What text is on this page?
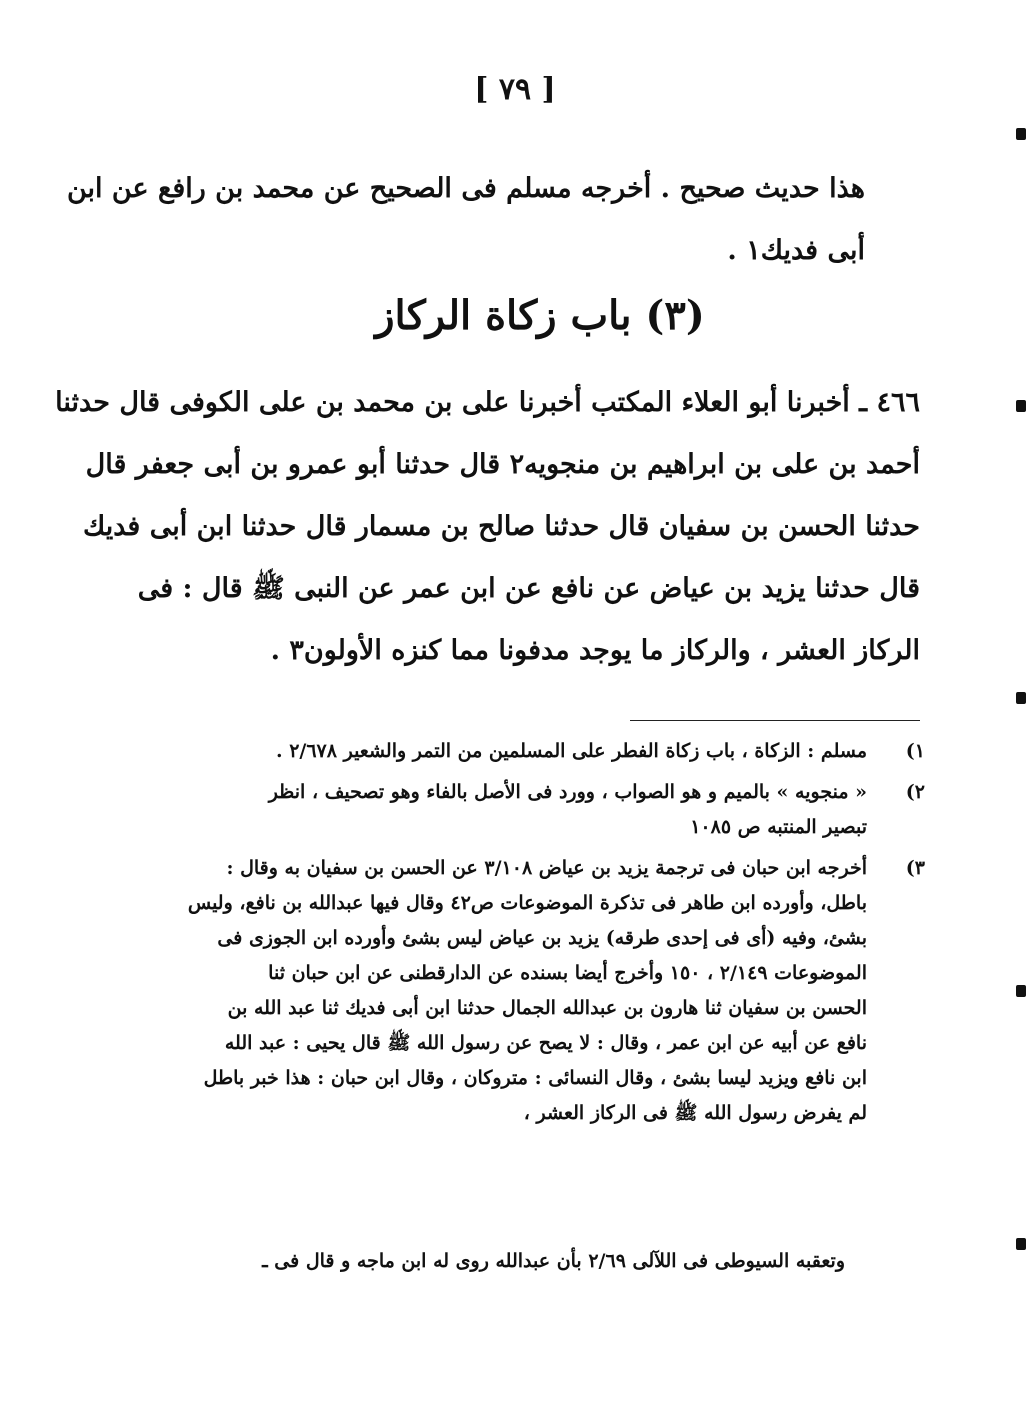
[ ٧٩ ]
هذا حديث صحيح . أخرجه مسلم فى الصحيح عن محمد بن رافع عن ابن
أبى فديك١ .
(٣) باب زكاة الركاز
٤٦٦ ـ أخبرنا أبو العلاء المكتب أخبرنا على بن محمد بن على الكوفى قال حدثنا
أحمد بن على بن ابراهيم بن منجويه٢ قال حدثنا أبو عمرو بن أبى جعفر قال
حدثنا الحسن بن سفيان قال حدثنا صالح بن مسمار قال حدثنا ابن أبى فديك
قال حدثنا يزيد بن عياض عن نافع عن ابن عمر عن النبى ﷺ قال : فى
الركاز العشر ، والركاز ما يوجد مدفونا مما كنزه الأولون٣ .
١)
مسلم : الزكاة ، باب زكاة الفطر على المسلمين من التمر والشعير ٢/٦٧٨ .
٢)
« منجويه » بالميم و هو الصواب ، وورد فى الأصل بالفاء وهو تصحيف ، انظر
تبصير المنتبه ص ١٠٨٥
٣)
أخرجه ابن حبان فى ترجمة يزيد بن عياض ٣/١٠٨ عن الحسن بن سفيان به وقال :
باطل، وأورده ابن طاهر فى تذكرة الموضوعات ص٤٢ وقال فيها عبدالله بن نافع، وليس
بشئ، وفيه (أى فى إحدى طرقه) يزيد بن عياض ليس بشئ وأورده ابن الجوزى فى
الموضوعات ٢/١٤٩ ، ١٥٠ وأخرج أيضا بسنده عن الدارقطنى عن ابن حبان ثنا
الحسن بن سفيان ثنا هارون بن عبدالله الجمال حدثنا ابن أبى فديك ثنا عبد الله بن
نافع عن أبيه عن ابن عمر ، وقال : لا يصح عن رسول الله ﷺ قال يحيى : عبد الله
ابن نافع ويزيد ليسا بشئ ، وقال النسائى : متروكان ، وقال ابن حبان : هذا خبر باطل
لم يفرض رسول الله ﷺ فى الركاز العشر ،
وتعقبه السيوطى فى اللآلى ٢/٦٩ بأن عبدالله روى له ابن ماجه و قال فى ـ
